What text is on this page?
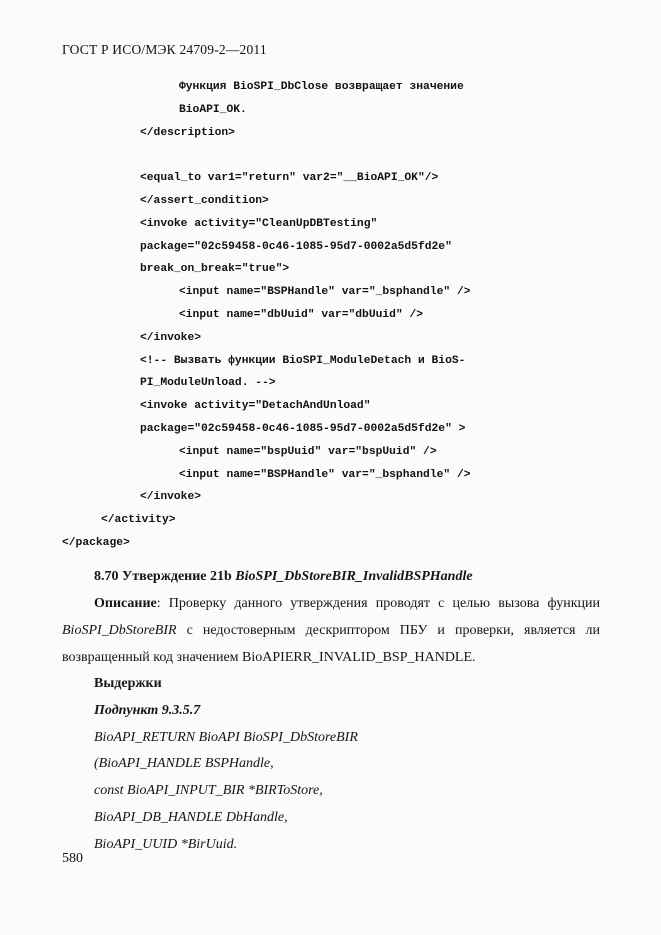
ГОСТ Р ИСО/МЭК 24709-2—2011
Функция BioSPI_DbClose возвращает значение
BioAPI_OK.
</description>
<equal_to var1="return" var2="__BioAPI_OK"/>
</assert_condition>
<invoke activity="CleanUpDBTesting"
package="02c59458-0c46-1085-95d7-0002a5d5fd2e"
break_on_break="true">
<input name="BSPHandle" var="_bsphandle" />
<input name="dbUuid" var="dbUuid" />
</invoke>
<!-- Вызвать функции BioSPI_ModuleDetach и BioS-
PI_ModuleUnload. -->
<invoke activity="DetachAndUnload"
package="02c59458-0c46-1085-95d7-0002a5d5fd2e" >
<input name="bspUuid" var="bspUuid" />
<input name="BSPHandle" var="_bsphandle" />
</invoke>
</activity>
</package>
8.70 Утверждение 21b BioSPI_DbStoreBIR_InvalidBSPHandle
Описание: Проверку данного утверждения проводят с целью вызова функции BioSPI_DbStoreBIR с недостоверным дескриптором ПБУ и проверки, является ли возвращенный код значением BioAPIERR_INVALID_BSP_HANDLE.
Выдержки
Подпункт 9.3.5.7
BioAPI_RETURN BioAPI BioSPI_DbStoreBIR
(BioAPI_HANDLE BSPHandle,
const BioAPI_INPUT_BIR *BIRToStore,
BioAPI_DB_HANDLE DbHandle,
BioAPI_UUID *BirUuid.
580
